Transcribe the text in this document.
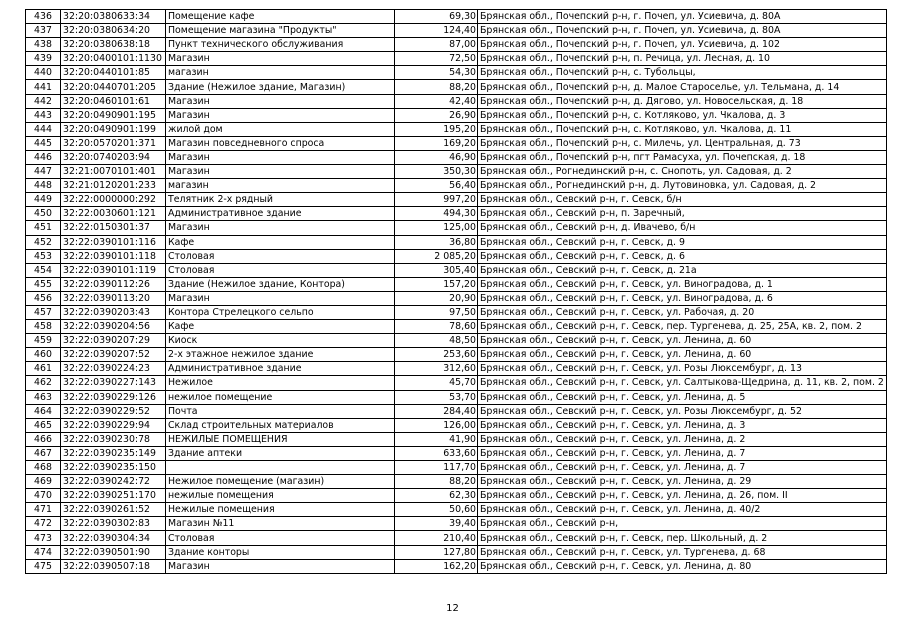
436	32:20:0380633:34	Помещение кафе	69,30	Брянская обл., Почепский р-н, г. Почеп, ул. Усиевича, д. 80А
437	32:20:0380634:20	Помещение магазина "Продукты"	124,40	Брянская обл., Почепский р-н, г. Почеп, ул. Усиевича, д. 80А
438	32:20:0380638:18	Пункт технического обслуживания	87,00	Брянская обл., Почепский р-н, г. Почеп, ул. Усиевича, д. 102
439	32:20:0400101:1130	Магазин	72,50	Брянская обл., Почепский р-н, п. Речица, ул. Лесная, д. 10
440	32:20:0440101:85	магазин	54,30	Брянская обл., Почепский р-н, с. Тубольцы,
441	32:20:0440701:205	Здание (Нежилое здание, Магазин)	88,20	Брянская обл., Почепский р-н, д. Малое Староселье, ул. Тельмана, д. 14
442	32:20:0460101:61	Магазин	42,40	Брянская обл., Почепский р-н, д. Дягово, ул. Новосельская, д. 18
443	32:20:0490901:195	Магазин	26,90	Брянская обл., Почепский р-н, с. Котляково, ул. Чкалова, д. 3
444	32:20:0490901:199	жилой дом	195,20	Брянская обл., Почепский р-н, с. Котляково, ул. Чкалова, д. 11
445	32:20:0570201:371	Магазин повседневного спроса	169,20	Брянская обл., Почепский р-н, с. Милечь, ул. Центральная, д. 73
446	32:20:0740203:94	Магазин	46,90	Брянская обл., Почепский р-н, пгт Рамасуха, ул. Почепская, д. 18
447	32:21:0070101:401	Магазин	350,30	Брянская обл., Рогнединский р-н, с. Снопоть, ул. Садовая, д. 2
448	32:21:0120201:233	магазин	56,40	Брянская обл., Рогнединский р-н, д. Лутовиновка, ул. Садовая, д. 2
449	32:22:0000000:292	Телятник 2-х рядный	997,20	Брянская обл., Севский р-н, г. Севск, б/н
450	32:22:0030601:121	Административное здание	494,30	Брянская обл., Севский р-н, п. Заречный,
451	32:22:0150301:37	Магазин	125,00	Брянская обл., Севский р-н, д. Ивачево, б/н
452	32:22:0390101:116	Кафе	36,80	Брянская обл., Севский р-н, г. Севск, д. 9
453	32:22:0390101:118	Столовая	2 085,20	Брянская обл., Севский р-н, г. Севск, д. 6
454	32:22:0390101:119	Столовая	305,40	Брянская обл., Севский р-н, г. Севск, д. 21а
455	32:22:0390112:26	Здание (Нежилое здание, Контора)	157,20	Брянская обл., Севский р-н, г. Севск, ул. Виноградова, д. 1
456	32:22:0390113:20	Магазин	20,90	Брянская обл., Севский р-н, г. Севск, ул. Виноградова, д. 6
457	32:22:0390203:43	Контора Стрелецкого сельпо	97,50	Брянская обл., Севский р-н, г. Севск, ул. Рабочая, д. 20
458	32:22:0390204:56	Кафе	78,60	Брянская обл., Севский р-н, г. Севск, пер. Тургенева, д. 25, 25А, кв. 2, пом. 2
459	32:22:0390207:29	Киоск	48,50	Брянская обл., Севский р-н, г. Севск, ул. Ленина, д. 60
460	32:22:0390207:52	2-х этажное нежилое здание	253,60	Брянская обл., Севский р-н, г. Севск, ул. Ленина, д. 60
461	32:22:0390224:23	Административное здание	312,60	Брянская обл., Севский р-н, г. Севск, ул. Розы Люксембург, д. 13
462	32:22:0390227:143	Нежилое	45,70	Брянская обл., Севский р-н, г. Севск, ул. Салтыкова-Щедрина, д. 11, кв. 2, пом. 2
463	32:22:0390229:126	нежилое помещение	53,70	Брянская обл., Севский р-н, г. Севск, ул. Ленина, д. 5
464	32:22:0390229:52	Почта	284,40	Брянская обл., Севский р-н, г. Севск, ул. Розы Люксембург, д. 52
465	32:22:0390229:94	Склад строительных материалов	126,00	Брянская обл., Севский р-н, г. Севск, ул. Ленина, д. 3
466	32:22:0390230:78	НЕЖИЛЫЕ ПОМЕЩЕНИЯ	41,90	Брянская обл., Севский р-н, г. Севск, ул. Ленина, д. 2
467	32:22:0390235:149	Здание аптеки	633,60	Брянская обл., Севский р-н, г. Севск, ул. Ленина, д. 7
468	32:22:0390235:150		117,70	Брянская обл., Севский р-н, г. Севск, ул. Ленина, д. 7
469	32:22:0390242:72	Нежилое помещение (магазин)	88,20	Брянская обл., Севский р-н, г. Севск, ул. Ленина, д. 29
470	32:22:0390251:170	нежилые помещения	62,30	Брянская обл., Севский р-н, г. Севск, ул. Ленина, д. 26, пом. II
471	32:22:0390261:52	Нежилые помещения	50,60	Брянская обл., Севский р-н, г. Севск, ул. Ленина, д. 40/2
472	32:22:0390302:83	Магазин №11	39,40	Брянская обл., Севский р-н,
473	32:22:0390304:34	Столовая	210,40	Брянская обл., Севский р-н, г. Севск, пер. Школьный, д. 2
474	32:22:0390501:90	Здание конторы	127,80	Брянская обл., Севский р-н, г. Севск, ул. Тургенева, д. 68
475	32:22:0390507:18	Магазин	162,20	Брянская обл., Севский р-н, г. Севск, ул. Ленина, д. 80
12
